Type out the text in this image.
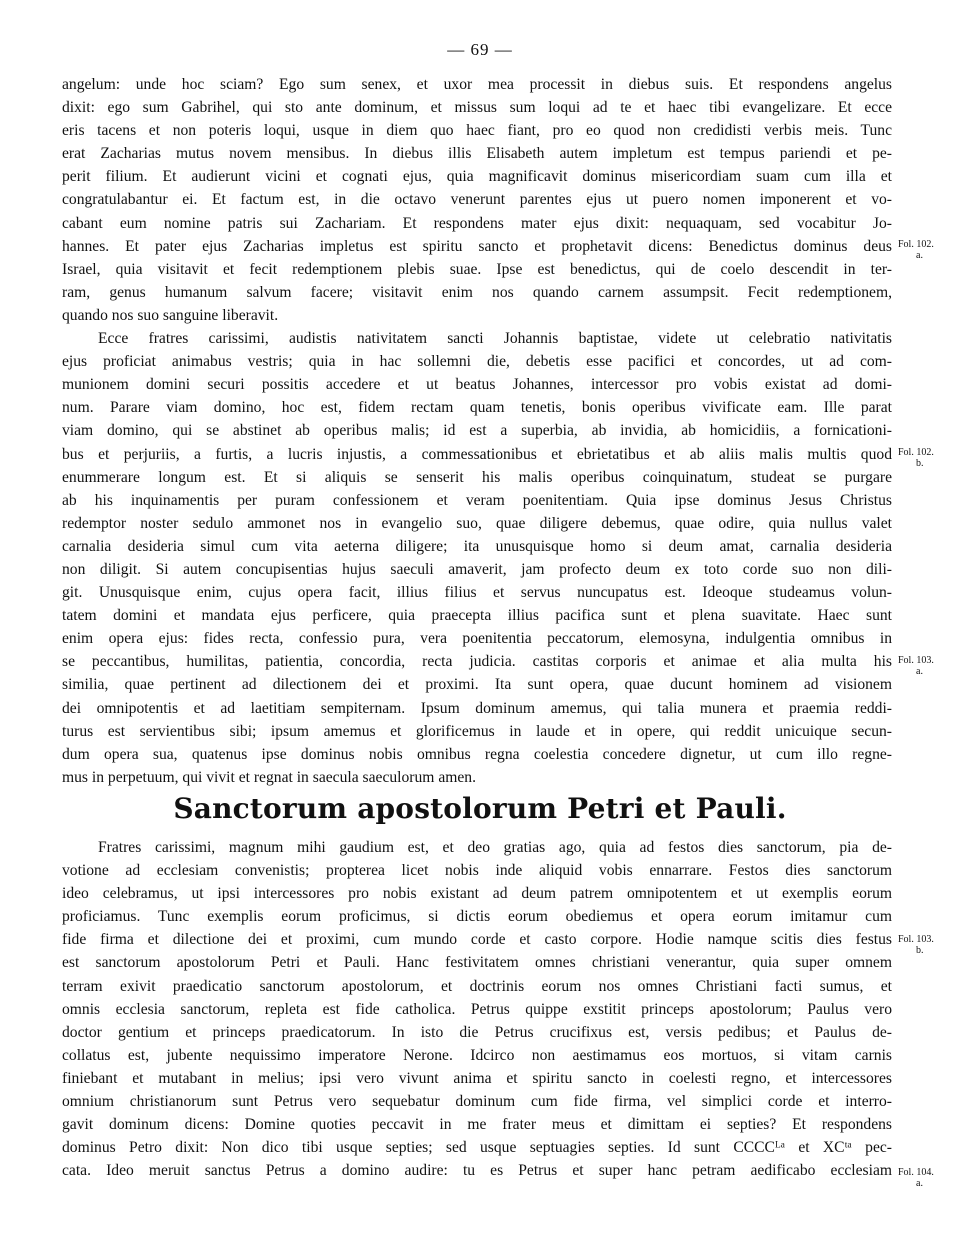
— 69 —
angelum: unde hoc sciam? Ego sum senex, et uxor mea processit in diebus suis. Et respondens angelus
dixit: ego sum Gabrihel, qui sto ante dominum, et missus sum loqui ad te et haec tibi evangelizare. Et ecce
eris tacens et non poteris loqui, usque in diem quo haec fiant, pro eo quod non credidisti verbis meis. Tunc
erat Zacharias mutus novem mensibus. In diebus illis Elisabeth autem impletum est tempus pariendi et pe-
perit filium. Et audierunt vicini et cognati ejus, quia magnificavit dominus misericordiam suam cum illa et
congratulabantur ei. Et factum est, in die octavo venerunt parentes ejus ut puero nomen imponerent et vo-
cabant eum nomine patris sui Zachariam. Et respondens mater ejus dixit: nequaquam, sed vocabitur Jo-
hannes. Et pater ejus Zacharias impletus est spiritu sancto et prophetavit dicens: Benedictus dominus deus
Israel, quia visitavit et fecit redemptionem plebis suae. Ipse est benedictus, qui de coelo descendit in ter-
ram, genus humanum salvum facere; visitavit enim nos quando carnem assumpsit. Fecit redemptionem,
quando nos suo sanguine liberavit.
Ecce fratres carissimi, audistis nativitatem sancti Johannis baptistae, videte ut celebratio nativitatis
ejus proficiat animabus vestris; quia in hac sollemni die, debetis esse pacifici et concordes, ut ad com-
munionem domini securi possitis accedere et ut beatus Johannes, intercessor pro vobis existat ad domi-
num. Parare viam domino, hoc est, fidem rectam quam tenetis, bonis operibus vivificate eam. Ille parat
viam domino, qui se abstinet ab operibus malis; id est a superbia, ab invidia, ab homicidiis, a fornicationi-
bus et perjuriis, a furtis, a lucris injustis, a commessationibus et ebrietatibus et ab aliis malis multis quod
enummerare longum est. Et si aliquis se senserit his malis operibus coinquinatum, studeat se purgare
ab his inquinamentis per puram confessionem et veram poenitentiam. Quia ipse dominus Jesus Christus
redemptor noster sedulo ammonet nos in evangelio suo, quae diligere debemus, quae odire, quia nullus valet
carnalia desideria simul cum vita aeterna diligere; ita unusquisque homo si deum amat, carnalia desideria
non diligit. Si autem concupisentias hujus saeculi amaverit, jam profecto deum ex toto corde suo non dili-
git. Unusquisque enim, cujus opera facit, illius filius et servus nuncupatus est. Ideoque studeamus volun-
tatem domini et mandata ejus perficere, quia praecepta illius pacifica sunt et plena suavitate. Haec sunt
enim opera ejus: fides recta, confessio pura, vera poenitentia peccatorum, elemosyna, indulgentia omnibus in
se peccantibus, humilitas, patientia, concordia, recta judicia. castitas corporis et animae et alia multa his
similia, quae pertinent ad dilectionem dei et proximi. Ita sunt opera, quae ducunt hominem ad visionem
dei omnipotentis et ad laetitiam sempiternam. Ipsum dominum amemus, qui talia munera et praemia reddi-
turus est servientibus sibi; ipsum amemus et glorificemus in laude et in opere, qui reddit unicuique secun-
dum opera sua, quatenus ipse dominus nobis omnibus regna coelestia concedere dignetur, ut cum illo regne-
mus in perpetuum, qui vivit et regnat in saecula saeculorum amen.
Sanctorum apostolorum Petri et Pauli.
Fratres carissimi, magnum mihi gaudium est, et deo gratias ago, quia ad festos dies sanctorum, pia de-
votione ad ecclesiam convenistis; propterea licet nobis inde aliquid vobis ennarrare. Festos dies sanctorum
ideo celebramus, ut ipsi intercessores pro nobis existant ad deum patrem omnipotentem et ut exemplis eorum
proficiamus. Tunc exemplis eorum proficimus, si dictis eorum obediemus et opera eorum imitamur cum
fide firma et dilectione dei et proximi, cum mundo corde et casto corpore. Hodie namque scitis dies festus
est sanctorum apostolorum Petri et Pauli. Hanc festivitatem omnes christiani venerantur, quia super omnem
terram exivit praedicatio sanctorum apostolorum, et doctrinis eorum nos omnes Christiani facti sumus, et
omnis ecclesia sanctorum, repleta est fide catholica. Petrus quippe exstitit princeps apostolorum; Paulus vero
doctor gentium et princeps praedicatorum. In isto die Petrus crucifixus est, versis pedibus; et Paulus de-
collatus est, jubente nequissimo imperatore Nerone. Idcirco non aestimamus eos mortuos, si vitam carnis
finiebant et mutabant in melius; ipsi vero vivunt anima et spiritu sancto in coelesti regno, et intercessores
omnium christianorum sunt Petrus vero sequebatur dominum cum fide firma, vel simplici corde et interro-
gavit dominum dicens: Domine quoties peccavit in me frater meus et dimittam ei septies? Et respondens
dominus Petro dixit: Non dico tibi usque septies; sed usque septuagies septies. Id sunt CCCCᴸᵃ et XCᵗᵃ pec-
cata. Ideo meruit sanctus Petrus a domino audire: tu es Petrus et super hanc petram aedificabo ecclesiam
Fol. 102.
a.
Fol. 102.
b.
Fol. 103.
a.
Fol. 103.
b.
Fol. 104.
a.
